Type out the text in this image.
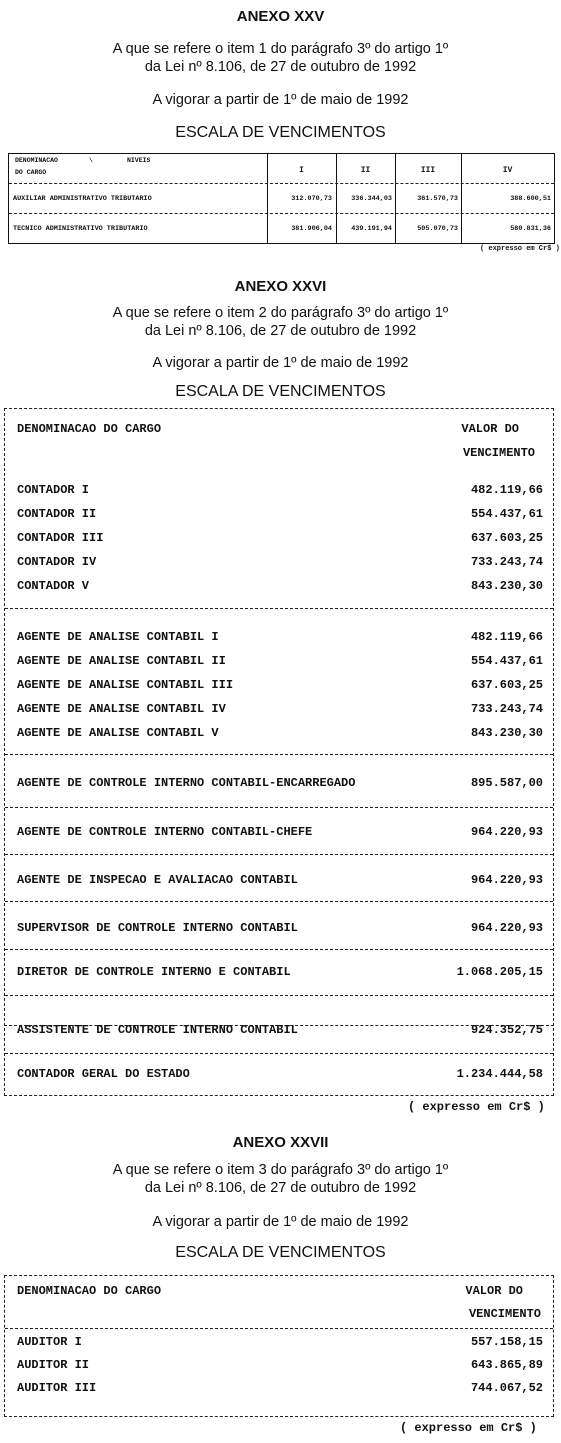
ANEXO XXV
A que se refere o item 1 do parágrafo 3º do artigo 1º
da Lei nº 8.106, de 27 de outubro de 1992
A vigorar a partir de 1º de maio de 1992
ESCALA DE VENCIMENTOS
DENOMINACAO	\	NIVEIS
DO CARGO	I	II	III	IV
AUXILIAR ADMINISTRATIVO TRIBUTARIO	312.070,73	336.344,03	361.570,73	388.600,51
TECNICO ADMINISTRATIVO TRIBUTARIO	381.906,04	439.191,94	505.070,73	580.831,36
( expresso em Cr$ )
ANEXO XXVI
A que se refere o item 2 do parágrafo 3º do artigo 1º
da Lei nº 8.106, de 27 de outubro de 1992
A vigorar a partir de 1º de maio de 1992
ESCALA DE VENCIMENTOS
DENOMINACAO DO CARGO	VALOR DO
VENCIMENTO
CONTADOR I	482.119,66
CONTADOR II	554.437,61
CONTADOR III	637.603,25
CONTADOR IV	733.243,74
CONTADOR V	843.230,30
AGENTE DE ANALISE CONTABIL I	482.119,66
AGENTE DE ANALISE CONTABIL II	554.437,61
AGENTE DE ANALISE CONTABIL III	637.603,25
AGENTE DE ANALISE CONTABIL IV	733.243,74
AGENTE DE ANALISE CONTABIL V	843.230,30
AGENTE DE CONTROLE INTERNO CONTABIL-ENCARREGADO	895.587,00
AGENTE DE CONTROLE INTERNO CONTABIL-CHEFE	964.220,93
AGENTE DE INSPECAO E AVALIACAO CONTABIL	964.220,93
SUPERVISOR DE CONTROLE INTERNO CONTABIL	964.220,93
DIRETOR DE CONTROLE INTERNO E CONTABIL	1.068.205,15
ASSISTENTE DE CONTROLE INTERNO CONTABIL	924.352,75
CONTADOR GERAL DO ESTADO	1.234.444,58
( expresso em Cr$ )
ANEXO XXVII
A que se refere o item 3 do parágrafo 3º do artigo 1º
da Lei nº 8.106, de 27 de outubro de 1992
A vigorar a partir de 1º de maio de 1992
ESCALA DE VENCIMENTOS
DENOMINACAO DO CARGO	VALOR DO
VENCIMENTO
AUDITOR I	557.158,15
AUDITOR II	643.865,89
AUDITOR III	744.067,52
( expresso em Cr$ )
